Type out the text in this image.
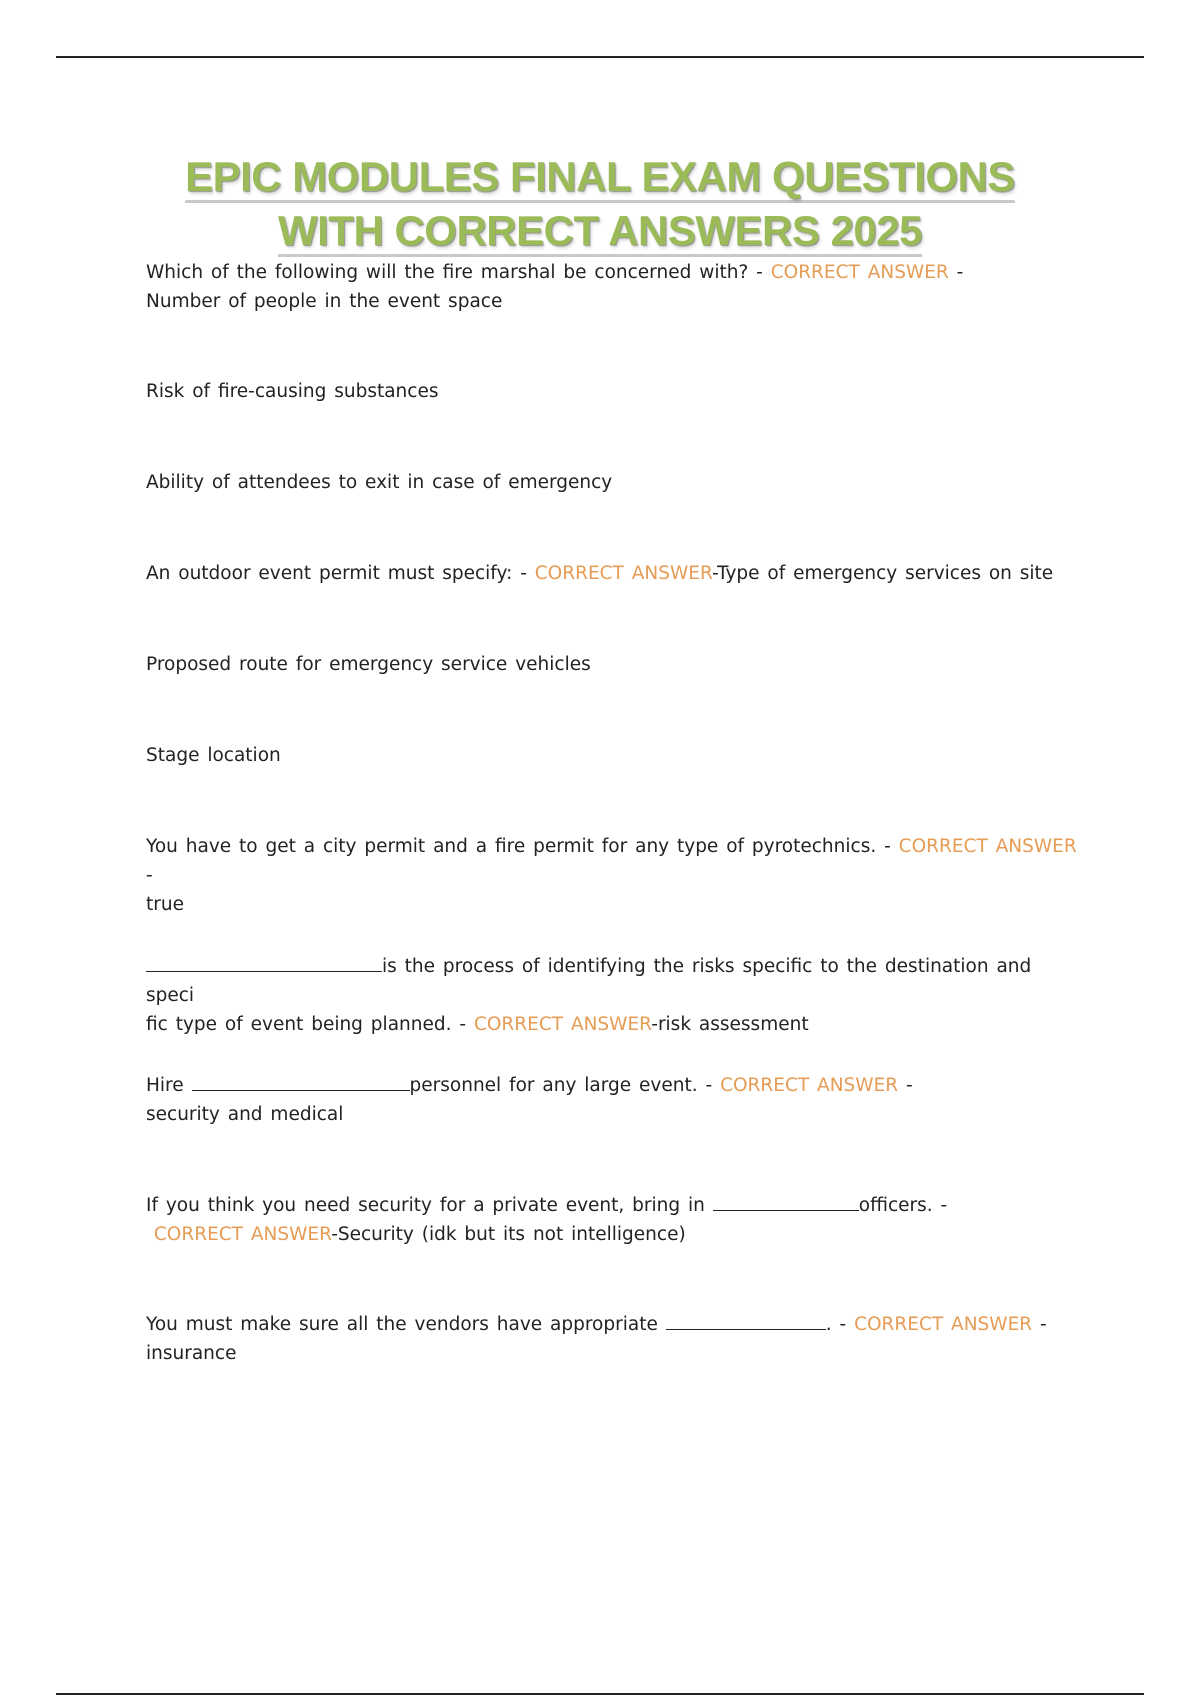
EPIC MODULES FINAL EXAM QUESTIONS
WITH CORRECT ANSWERS 2025
Which of the following will the fire marshal be concerned with? - CORRECT ANSWER -
Number of people in the event space
Risk of fire-causing substances
Ability of attendees to exit in case of emergency
An outdoor event permit must specify: - CORRECT ANSWER-Type of emergency services on site
Proposed route for emergency service vehicles
Stage location
You have to get a city permit and a fire permit for any type of pyrotechnics. - CORRECT ANSWER -
true
is the process of identifying the risks specific to the destination and speci
fic type of event being planned. - CORRECT ANSWER-risk assessment
Hire	personnel for any large event. - CORRECT ANSWER -
security and medical
If you think you need security for a private event, bring in	officers. -
CORRECT ANSWER-Security (idk but its not intelligence)
You must make sure all the vendors have appropriate	. - CORRECT ANSWER -
insurance
